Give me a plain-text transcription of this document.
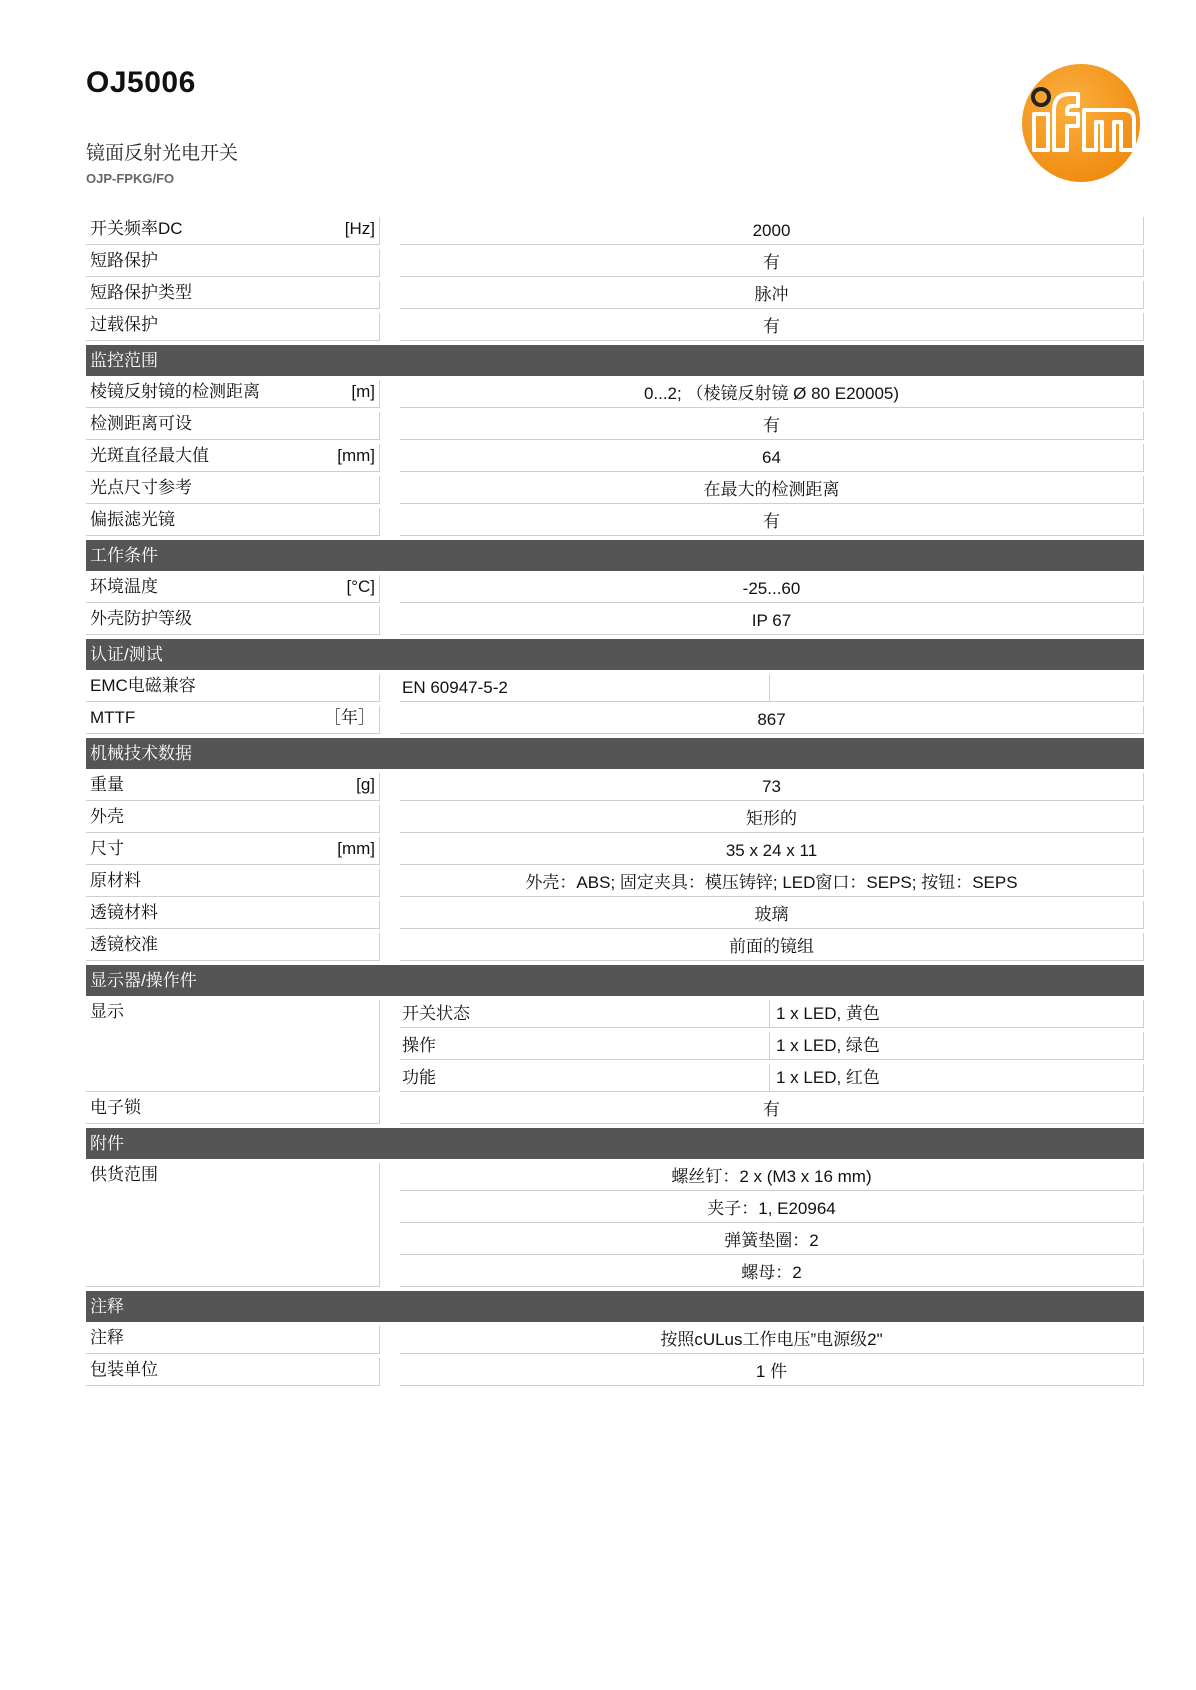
OJ5006
镜面反射光电开关
OJP-FPKG/FO
开关频率DC	[Hz]	2000
短路保护	有
短路保护类型	脉冲
过载保护	有
监控范围
棱镜反射镜的检测距离	[m]	0...2; （棱镜反射镜 Ø 80 E20005)
检测距离可设	有
光斑直径最大值	[mm]	64
光点尺寸参考	在最大的检测距离
偏振滤光镜	有
工作条件
环境温度	[°C]	-25...60
外壳防护等级	IP 67
认证/测试
EMC电磁兼容	EN 60947-5-2
MTTF	［年］	867
机械技术数据
重量	[g]	73
外壳	矩形的
尺寸	[mm]	35 x 24 x 11
原材料	外壳：ABS; 固定夹具：模压铸锌; LED窗口：SEPS; 按钮：SEPS
透镜材料	玻璃
透镜校准	前面的镜组
显示器/操作件
显示	开关状态	1 x LED, 黄色
操作	1 x LED, 绿色
功能	1 x LED, 红色
电子锁	有
附件
供货范围	螺丝钉：2 x (M3 x 16 mm)
夹子：1, E20964
弹簧垫圈：2
螺母：2
注释
注释	按照cULus工作电压”电源级2"
包装单位	1 件
